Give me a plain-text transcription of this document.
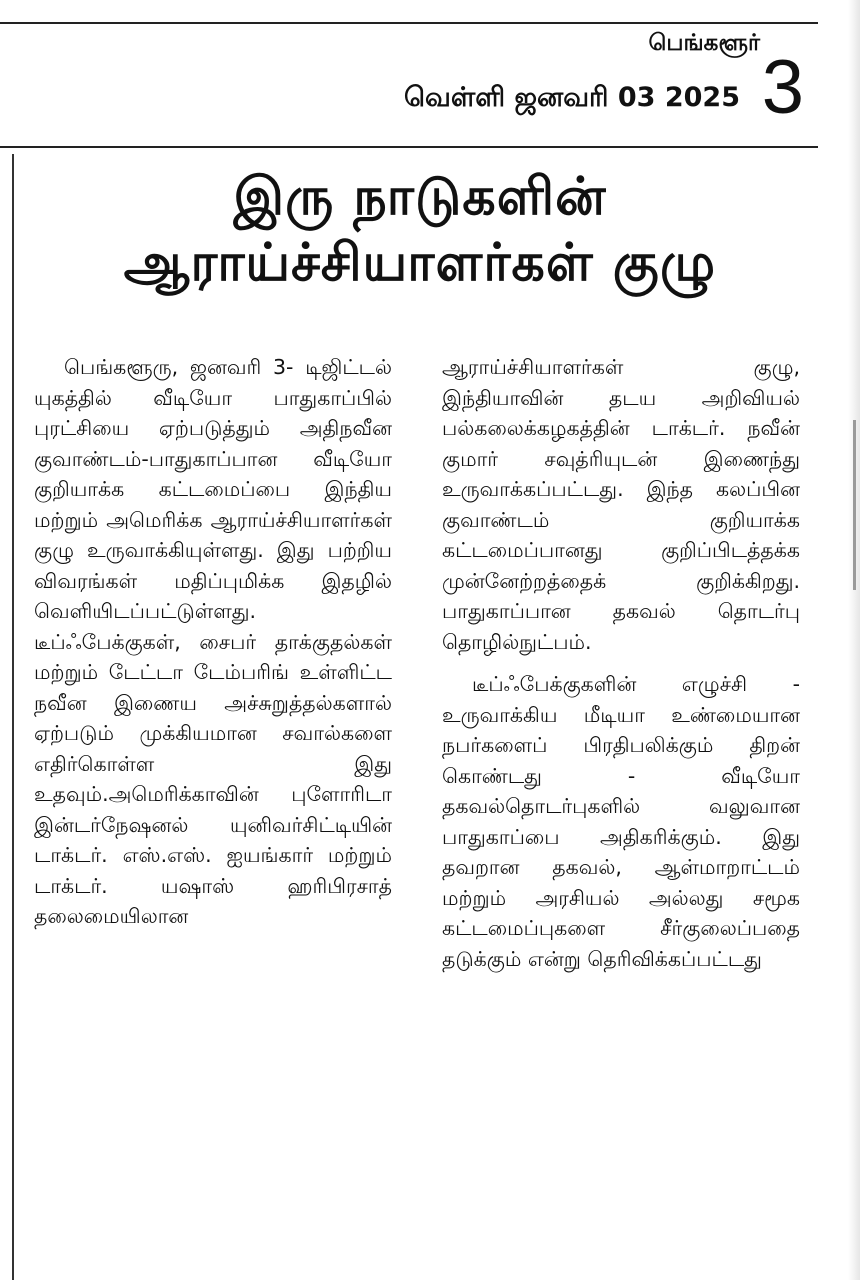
பெங்களூர்
வெள்ளி ஜனவரி 03 2025 3
இரு நாடுகளின்
ஆராய்ச்சியாளர்கள் குழு

பெங்களூரு, ஜனவரி 3- டிஜிட்டல் யுகத்தில் வீடியோ பாதுகாப்பில் புரட்சியை ஏற்படுத்தும் அதிநவீன குவாண்டம்-பாதுகாப்பான வீடியோ குறியாக்க கட்டமைப்பை இந்திய மற்றும் அமெரிக்க ஆராய்ச்சியாளர்கள் குழு உருவாக்கியுள்ளது. இது பற்றிய விவரங்கள் மதிப்புமிக்க இதழில் வெளியிடப்பட்டுள்ளது. டீப்ஃபேக்குகள், சைபர் தாக்குதல்கள் மற்றும் டேட்டா டேம்பரிங் உள்ளிட்ட நவீன இணைய அச்சுறுத்தல்களால் ஏற்படும் முக்கியமான சவால்களை எதிர்கொள்ள இது உதவும்.அமெரிக்காவின் புளோரிடா இன்டர்நேஷனல் யுனிவர்சிட்டியின் டாக்டர். எஸ்.எஸ். ஐயங்கார் மற்றும் டாக்டர். யஷாஸ் ஹரிபிரசாத் தலைமையிலான

ஆராய்ச்சியாளர்கள் குழு, இந்தியாவின் தடய அறிவியல் பல்கலைக்கழகத்தின் டாக்டர். நவீன் குமார் சவுத்ரியுடன் இணைந்து உருவாக்கப்பட்டது. இந்த கலப்பின குவாண்டம் குறியாக்க கட்டமைப்பானது குறிப்பிடத்தக்க முன்னேற்றத்தைக் குறிக்கிறது. பாதுகாப்பான தகவல் தொடர்பு தொழில்நுட்பம்.

டீப்ஃபேக்குகளின் எழுச்சி - உருவாக்கிய மீடியா உண்மையான நபர்களைப் பிரதிபலிக்கும் திறன் கொண்டது - வீடியோ தகவல்தொடர்புகளில் வலுவான பாதுகாப்பை அதிகரிக்கும். இது தவறான தகவல், ஆள்மாறாட்டம் மற்றும் அரசியல் அல்லது சமூக கட்டமைப்புகளை சீர்குலைப்பதை தடுக்கும் என்று தெரிவிக்கப்பட்டது
